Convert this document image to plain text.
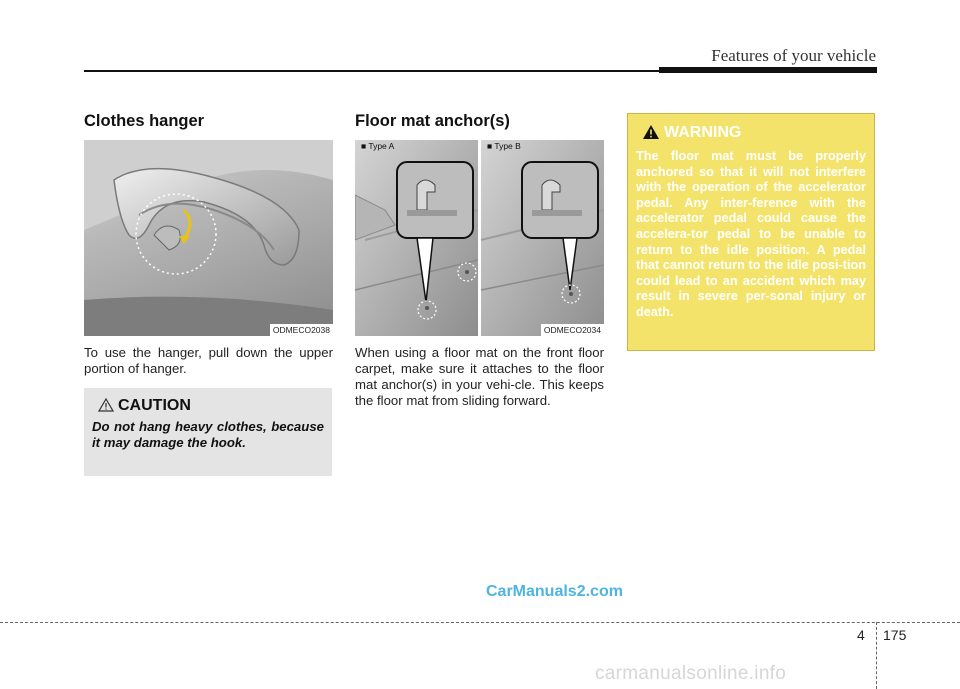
Features of your vehicle
Clothes hanger
ODMECO2038

To use the hanger, pull down the upper portion of hanger.

CAUTION
Do not hang heavy clothes, because it may damage the hook.
Floor mat anchor(s)
■ Type A	■ Type B
ODMECO2034

When using a floor mat on the front floor carpet, make sure it attaches to the floor mat anchor(s) in your vehi-cle. This keeps the floor mat from sliding forward.

WARNING
The floor mat must be properly anchored so that it will not interfere with the operation of the accelerator pedal. Any inter-ference with the accelerator pedal could cause the accelera-tor pedal to be unable to return to the idle position. A pedal that cannot return to the idle posi-tion could lead to an accident which may result in severe per-sonal injury or death.
CarManuals2.com
4 175
carmanualsonline.info
